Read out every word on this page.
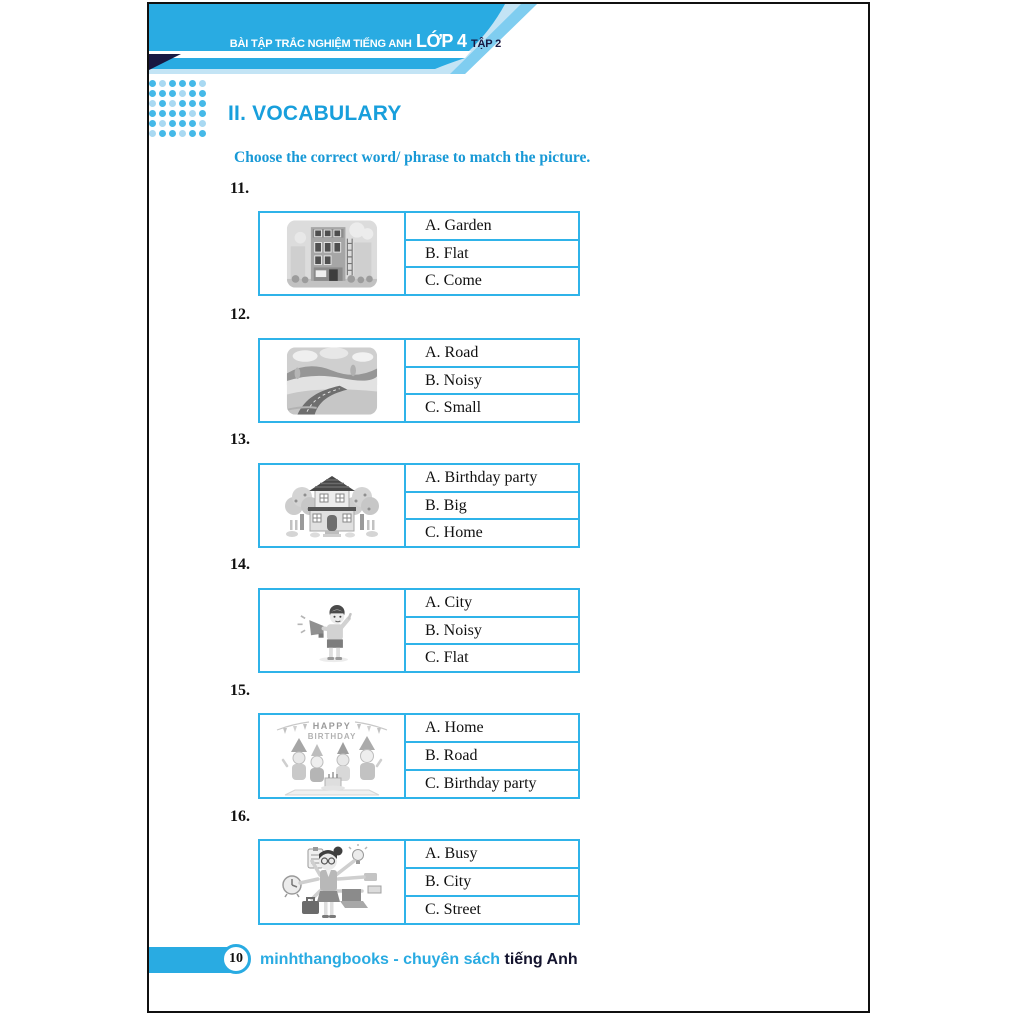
BÀI TẬP TRẮC NGHIỆM TIẾNG ANH LỚP 4 TẬP 2
II. VOCABULARY
Choose the correct word/ phrase to match the picture.
11.
A. Garden
B. Flat
C. Come
12.
A. Road
B. Noisy
C. Small
13.
A. Birthday party
B. Big
C. Home
14.
A. City
B. Noisy
C. Flat
15.
HAPPY
BIRTHDAY
A. Home
B. Road
C. Birthday party
16.
A. Busy
B. City
C. Street
10 minhthangbooks - chuyên sách tiếng Anh
